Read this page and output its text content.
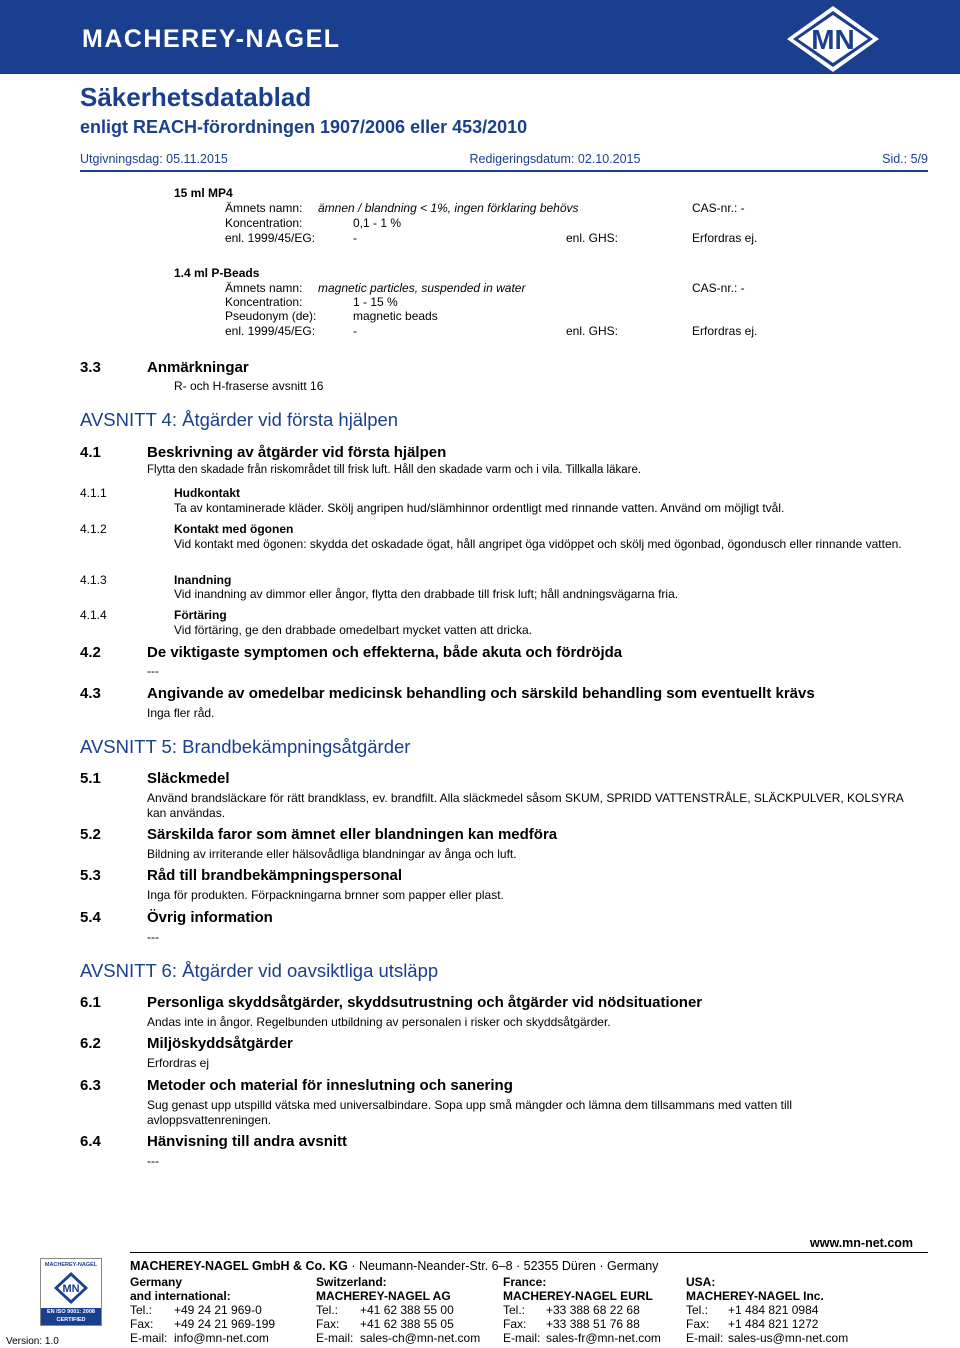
MACHEREY-NAGEL	MN
Säkerhetsdatablad
enligt REACH-förordningen 1907/2006 eller 453/2010
Utgivningsdag: 05.11.2015	Redigeringsdatum: 02.10.2015	Sid.: 5/9
15 ml MP4
Ämnets namn: ämnen / blandning < 1%, ingen förklaring behövs	CAS-nr.: -
Koncentration:	0,1 - 1 %
enl. 1999/45/EG:	-	enl. GHS:	Erfordras ej.
1.4 ml P-Beads
Ämnets namn: magnetic particles, suspended in water	CAS-nr.: -
Koncentration:	1 - 15 %
Pseudonym (de):	magnetic beads
enl. 1999/45/EG:	-	enl. GHS:	Erfordras ej.
3.3	Anmärkningar
R- och H-fraserse avsnitt 16
AVSNITT 4: Åtgärder vid första hjälpen
4.1	Beskrivning av åtgärder vid första hjälpen
Flytta den skadade från riskområdet till frisk luft. Håll den skadade varm och i vila. Tillkalla läkare.
4.1.1	Hudkontakt
Ta av kontaminerade kläder. Skölj angripen hud/slämhinnor ordentligt med rinnande vatten. Använd om möjligt tvål.
4.1.2	Kontakt med ögonen
Vid kontakt med ögonen: skydda det oskadade ögat, håll angripet öga vidöppet och skölj med ögonbad, ögondusch eller rinnande vatten.
4.1.3	Inandning
Vid inandning av dimmor eller ångor, flytta den drabbade till frisk luft; håll andningsvägarna fria.
4.1.4	Förtäring
Vid förtäring, ge den drabbade omedelbart mycket vatten att dricka.
4.2	De viktigaste symptomen och effekterna, både akuta och fördröjda
---
4.3	Angivande av omedelbar medicinsk behandling och särskild behandling som eventuellt krävs
Inga fler råd.
AVSNITT 5: Brandbekämpningsåtgärder
5.1	Släckmedel
Använd brandsläckare för rätt brandklass, ev. brandfilt. Alla släckmedel såsom SKUM, SPRIDD VATTENSTRÅLE, SLÄCKPULVER, KOLSYRA kan användas.
5.2	Särskilda faror som ämnet eller blandningen kan medföra
Bildning av irriterande eller hälsovådliga blandningar av ånga och luft.
5.3	Råd till brandbekämpningspersonal
Inga för produkten. Förpackningarna brnner som papper eller plast.
5.4	Övrig information
---
AVSNITT 6: Åtgärder vid oavsiktliga utsläpp
6.1	Personliga skyddsåtgärder, skyddsutrustning och åtgärder vid nödsituationer
Andas inte in ångor. Regelbunden utbildning av personalen i risker och skyddsåtgärder.
6.2	Miljöskyddsåtgärder
Erfordras ej
6.3	Metoder och material för inneslutning och sanering
Sug genast upp utspilld vätska med universalbindare. Sopa upp små mängder och lämna dem tillsammans med vatten till avloppsvattenreningen.
6.4	Hänvisning till andra avsnitt
---
www.mn-net.com
MACHEREY-NAGEL GmbH & Co. KG · Neumann-Neander-Str. 6–8 · 52355 Düren · Germany
MACHEREY-NAGEL
MN
EN ISO 9001: 2008
CERTIFIED
Version: 1.0
Germany
and international:
Tel.: +49 24 21 969-0
Fax: +49 24 21 969-199
E-mail: info@mn-net.com
Switzerland:
MACHEREY-NAGEL AG
Tel.: +41 62 388 55 00
Fax: +41 62 388 55 05
E-mail: sales-ch@mn-net.com
France:
MACHEREY-NAGEL EURL
Tel.: +33 388 68 22 68
Fax: +33 388 51 76 88
E-mail: sales-fr@mn-net.com
USA:
MACHEREY-NAGEL Inc.
Tel.: +1 484 821 0984
Fax: +1 484 821 1272
E-mail: sales-us@mn-net.com
